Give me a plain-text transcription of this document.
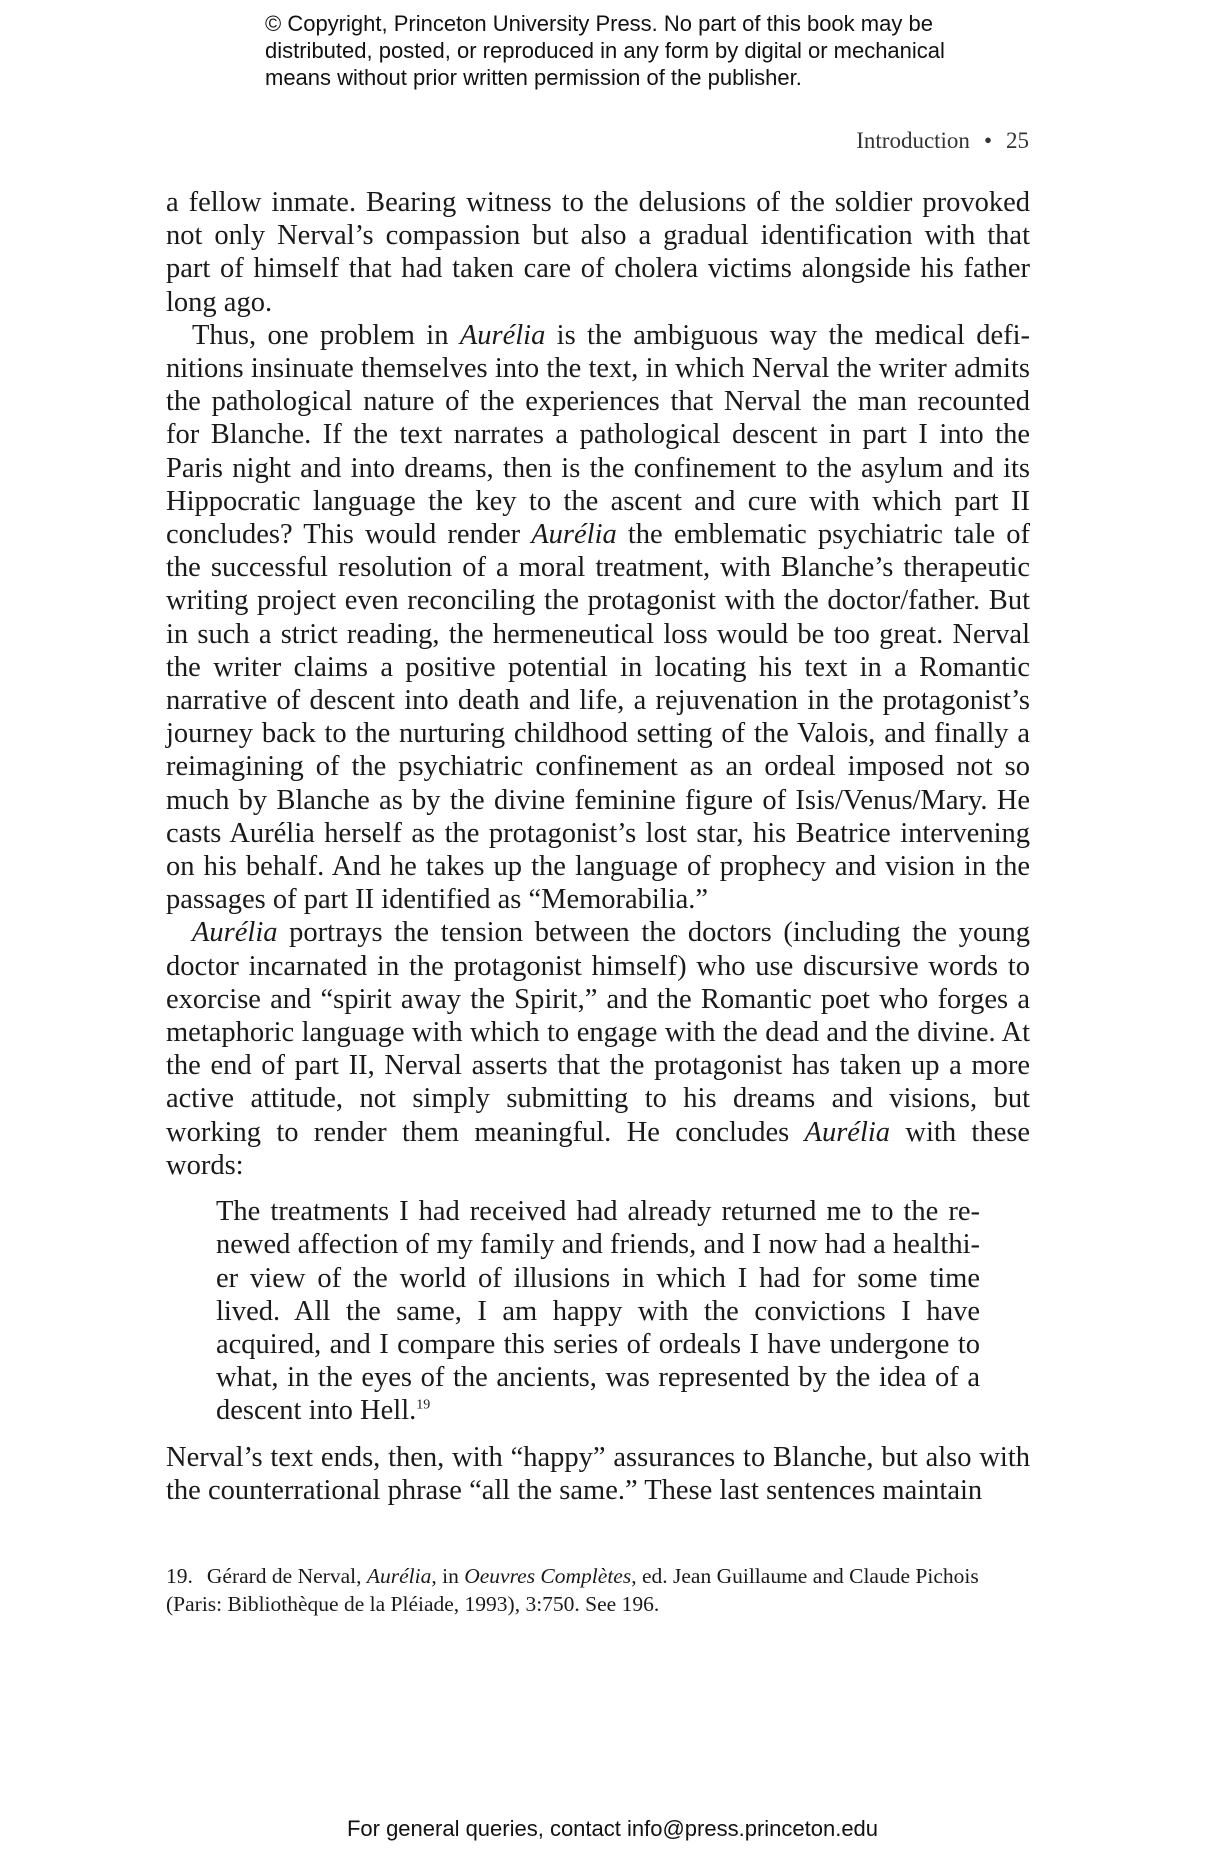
© Copyright, Princeton University Press. No part of this book may be distributed, posted, or reproduced in any form by digital or mechanical means without prior written permission of the publisher.
Introduction • 25

a fellow inmate. Bearing witness to the delusions of the soldier provoked not only Nerval’s compassion but also a gradual identification with that part of himself that had taken care of cholera victims alongside his father long ago.

Thus, one problem in Aurélia is the ambiguous way the medical definitions insinuate themselves into the text, in which Nerval the writer admits the pathological nature of the experiences that Nerval the man recounted for Blanche. If the text narrates a pathological descent in part I into the Paris night and into dreams, then is the confinement to the asylum and its Hippocratic language the key to the ascent and cure with which part II concludes? This would render Aurélia the emblematic psychiatric tale of the successful resolution of a moral treatment, with Blanche’s therapeutic writing project even reconciling the protagonist with the doctor/father. But in such a strict reading, the hermeneutical loss would be too great. Nerval the writer claims a positive potential in locating his text in a Romantic narrative of descent into death and life, a rejuvenation in the protagonist’s journey back to the nurturing childhood setting of the Valois, and finally a reimagining of the psychiatric confinement as an ordeal imposed not so much by Blanche as by the divine feminine figure of Isis/Venus/Mary. He casts Aurélia herself as the protagonist’s lost star, his Beatrice intervening on his behalf. And he takes up the language of prophecy and vision in the passages of part II identified as “Memorabilia.”

Aurélia portrays the tension between the doctors (including the young doctor incarnated in the protagonist himself) who use discursive words to exorcise and “spirit away the Spirit,” and the Romantic poet who forges a metaphoric language with which to engage with the dead and the divine. At the end of part II, Nerval asserts that the protagonist has taken up a more active attitude, not simply submitting to his dreams and visions, but working to render them meaningful. He concludes Aurélia with these words:

The treatments I had received had already returned me to the renewed affection of my family and friends, and I now had a healthier view of the world of illusions in which I had for some time lived. All the same, I am happy with the convictions I have acquired, and I compare this series of ordeals I have undergone to what, in the eyes of the ancients, was represented by the idea of a descent into Hell.$^{19}$

Nerval’s text ends, then, with “happy” assurances to Blanche, but also with the counterrational phrase “all the same.” These last sentences maintain

19. Gérard de Nerval, Aurélia, in Oeuvres Complètes, ed. Jean Guillaume and Claude Pichois (Paris: Bibliothèque de la Pléiade, 1993), 3:750. See 196.
For general queries, contact info@press.princeton.edu
